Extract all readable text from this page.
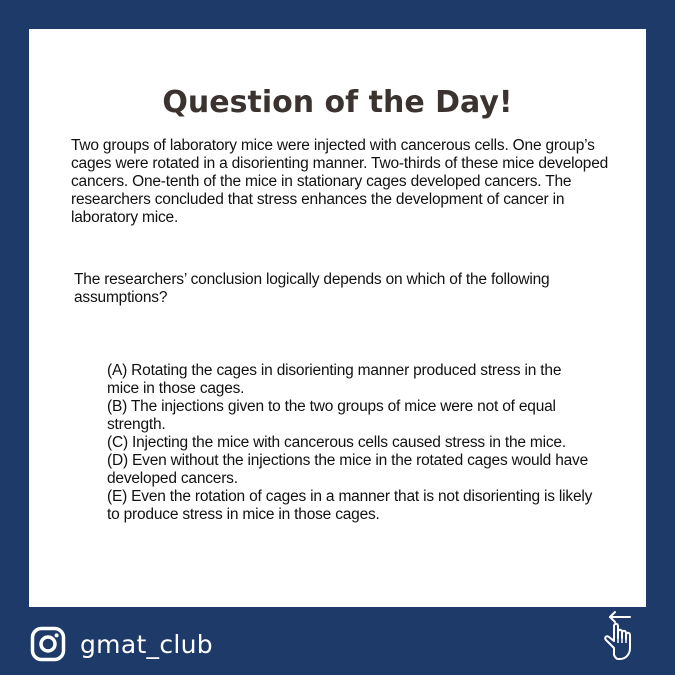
Question of the Day!

Two groups of laboratory mice were injected with cancerous cells. One group’s cages were rotated in a disorienting manner. Two-thirds of these mice developed cancers. One-tenth of the mice in stationary cages developed cancers. The researchers concluded that stress enhances the development of cancer in laboratory mice.

The researchers’ conclusion logically depends on which of the following assumptions?

(A) Rotating the cages in disorienting manner produced stress in the mice in those cages.
(B) The injections given to the two groups of mice were not of equal strength.
(C) Injecting the mice with cancerous cells caused stress in the mice.
(D) Even without the injections the mice in the rotated cages would have developed cancers.
(E) Even the rotation of cages in a manner that is not disorienting is likely to produce stress in mice in those cages.
gmat_club
